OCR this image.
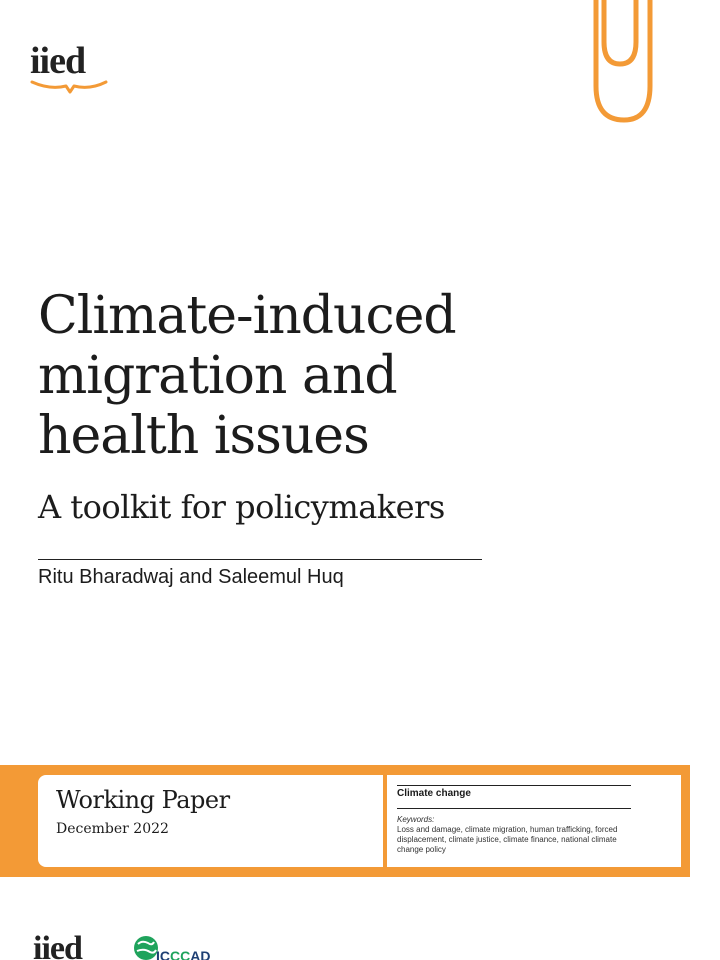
iied
Climate-induced
migration and
health issues
A toolkit for policymakers
Ritu Bharadwaj and Saleemul Huq
Working Paper
December 2022
Climate change
Keywords:
Loss and damage, climate migration, human trafficking, forced displacement, climate justice, climate finance, national climate change policy
iied	ICCCAD
